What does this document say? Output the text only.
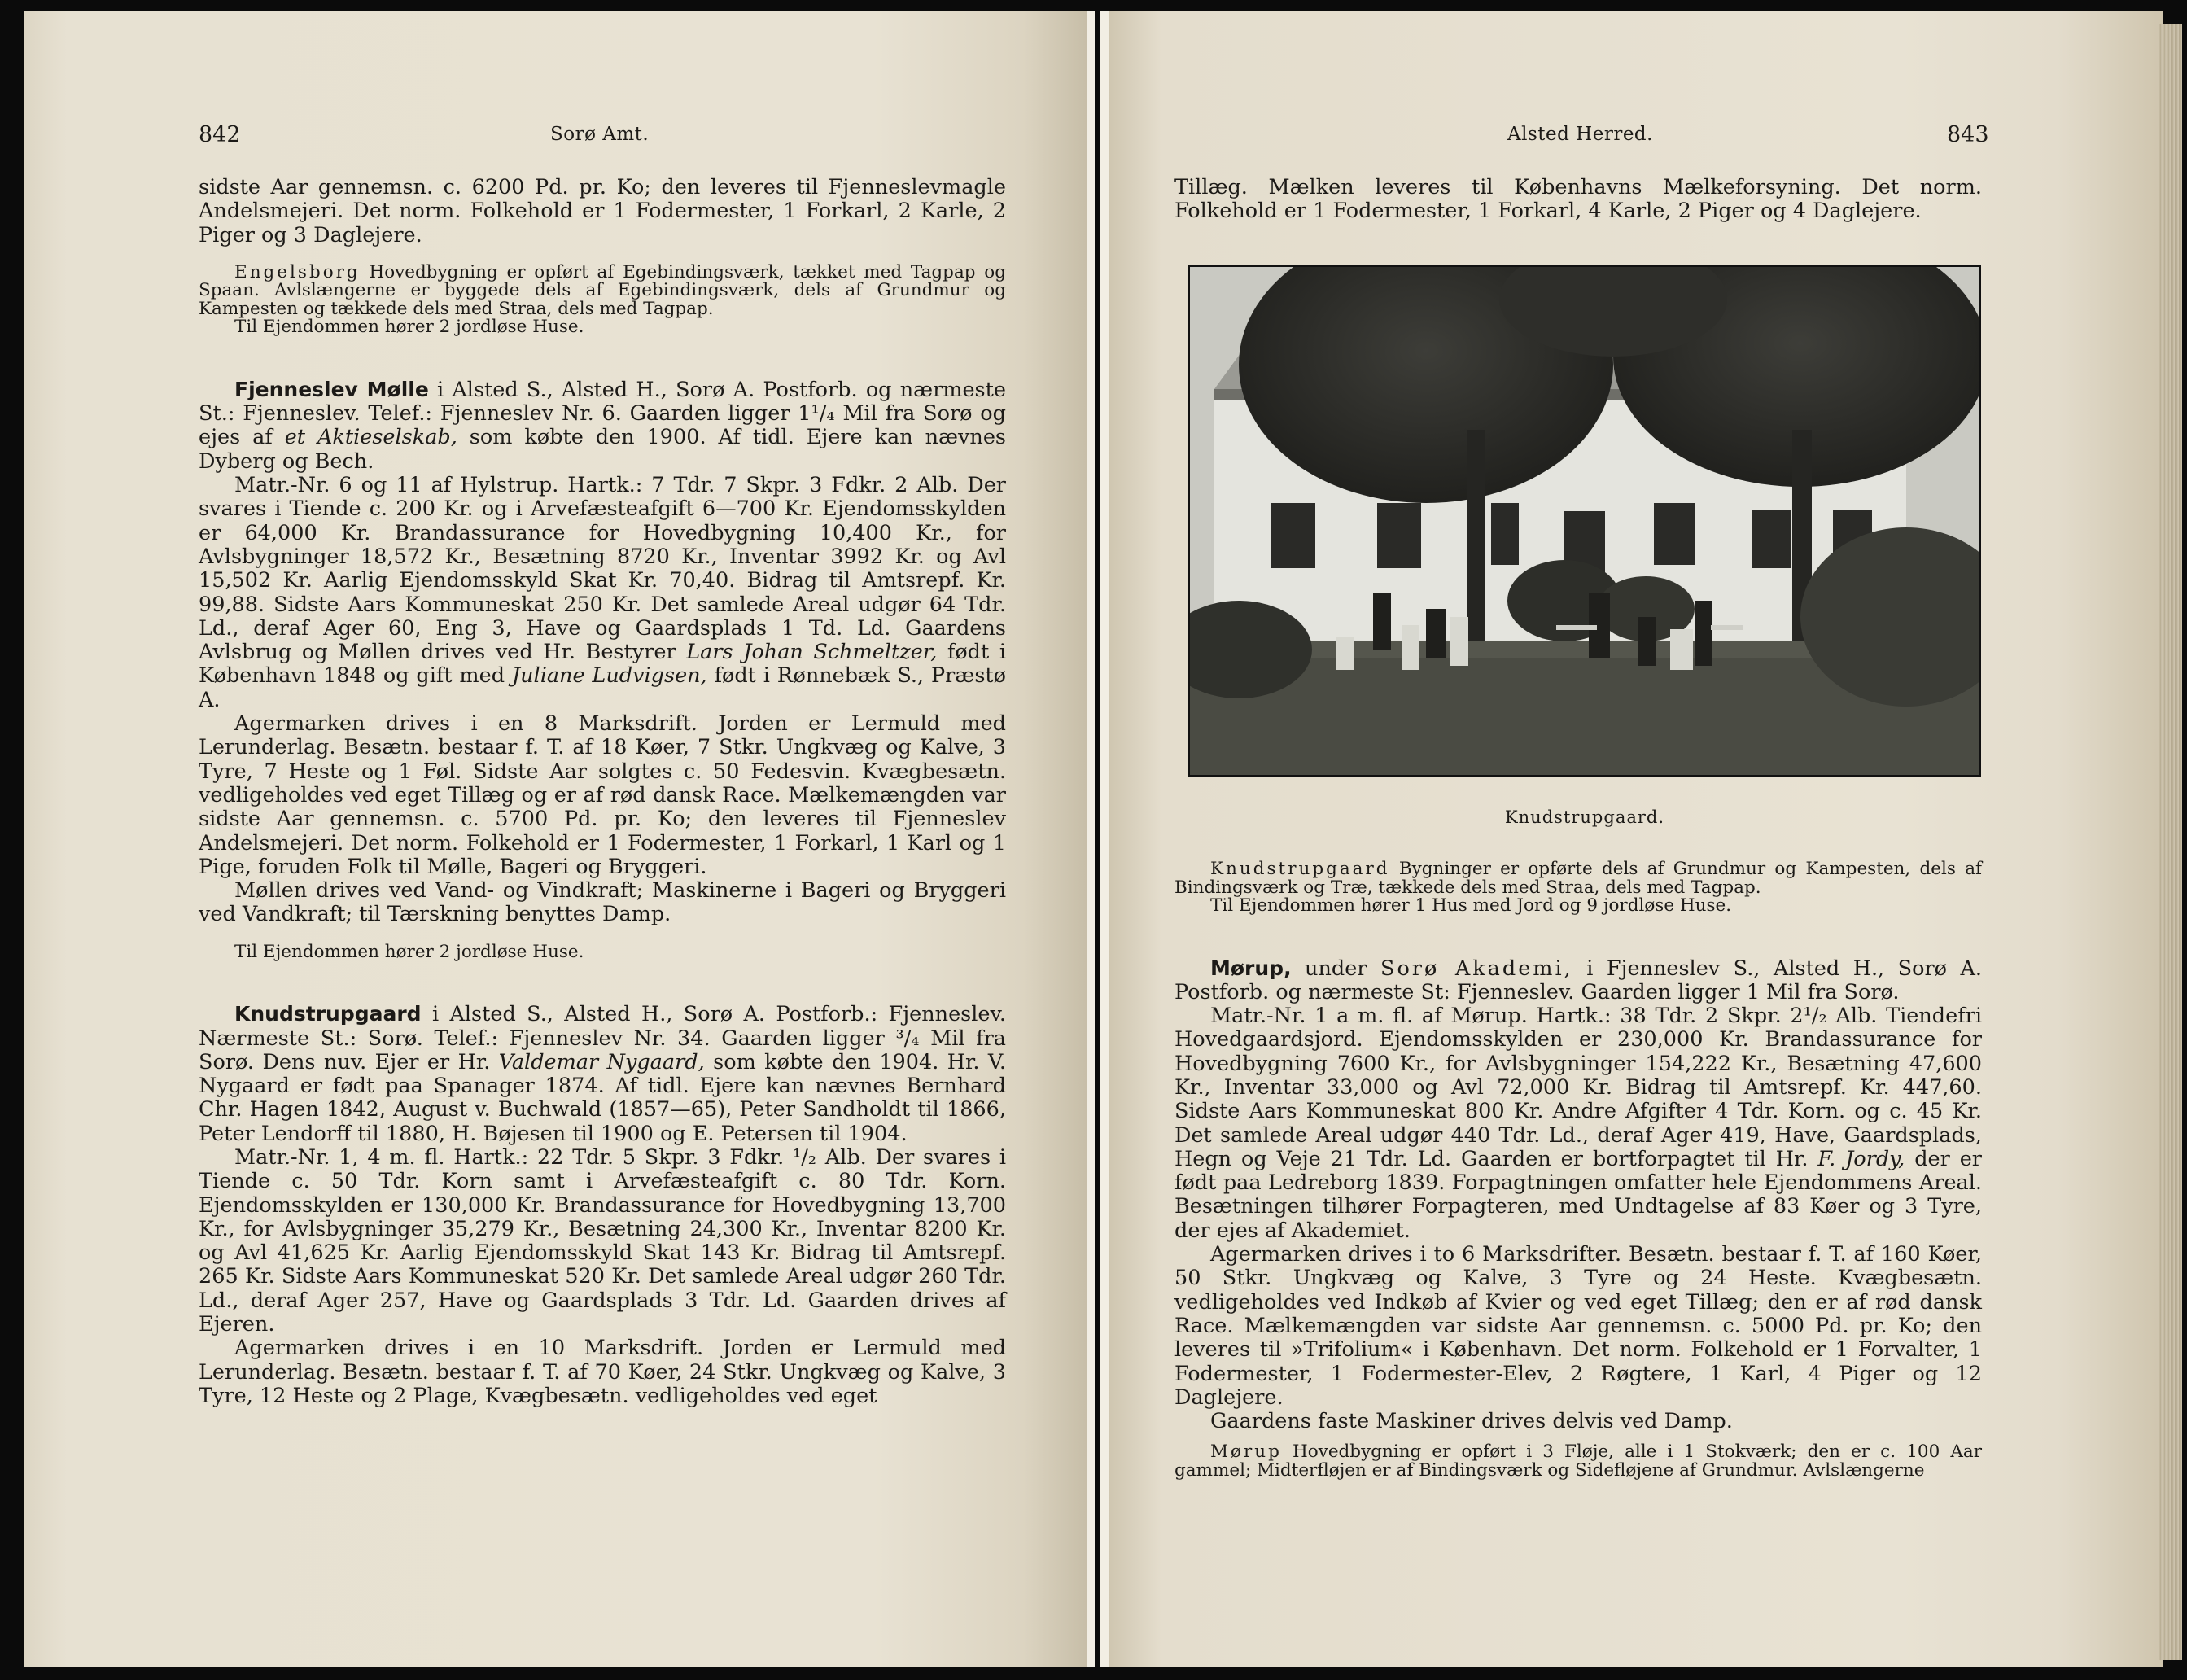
842	Sorø Amt.

sidste Aar gennemsn. c. 6200 Pd. pr. Ko; den leveres til Fjenneslevmagle Andelsmejeri. Det norm. Folkehold er 1 Fodermester, 1 Forkarl, 2 Karle, 2 Piger og 3 Daglejere.

Engelsborg Hovedbygning er opført af Egebindingsværk, tækket med Tagpap og Spaan. Avlslængerne er byggede dels af Egebindingsværk, dels af Grundmur og Kampesten og tækkede dels med Straa, dels med Tagpap.

Til Ejendommen hører 2 jordløse Huse.

Fjenneslev Mølle i Alsted S., Alsted H., Sorø A. Postforb. og nærmeste St.: Fjenneslev. Telef.: Fjenneslev Nr. 6. Gaarden ligger 1¹/₄ Mil fra Sorø og ejes af et Aktieselskab, som købte den 1900. Af tidl. Ejere kan nævnes Dyberg og Bech.

Matr.-Nr. 6 og 11 af Hylstrup. Hartk.: 7 Tdr. 7 Skpr. 3 Fdkr. 2 Alb. Der svares i Tiende c. 200 Kr. og i Arvefæsteafgift 6—700 Kr. Ejendomsskylden er 64,000 Kr. Brandassurance for Hovedbygning 10,400 Kr., for Avlsbygninger 18,572 Kr., Besætning 8720 Kr., Inventar 3992 Kr. og Avl 15,502 Kr. Aarlig Ejendomsskyld Skat Kr. 70,40. Bidrag til Amtsrepf. Kr. 99,88. Sidste Aars Kommuneskat 250 Kr. Det samlede Areal udgør 64 Tdr. Ld., deraf Ager 60, Eng 3, Have og Gaardsplads 1 Td. Ld. Gaardens Avlsbrug og Møllen drives ved Hr. Bestyrer Lars Johan Schmeltzer, født i København 1848 og gift med Juliane Ludvigsen, født i Rønnebæk S., Præstø A.

Agermarken drives i en 8 Marksdrift. Jorden er Lermuld med Lerunderlag. Besætn. bestaar f. T. af 18 Køer, 7 Stkr. Ungkvæg og Kalve, 3 Tyre, 7 Heste og 1 Føl. Sidste Aar solgtes c. 50 Fedesvin. Kvægbesætn. vedligeholdes ved eget Tillæg og er af rød dansk Race. Mælkemængden var sidste Aar gennemsn. c. 5700 Pd. pr. Ko; den leveres til Fjenneslev Andelsmejeri. Det norm. Folkehold er 1 Fodermester, 1 Forkarl, 1 Karl og 1 Pige, foruden Folk til Mølle, Bageri og Bryggeri.

Møllen drives ved Vand- og Vindkraft; Maskinerne i Bageri og Bryggeri ved Vandkraft; til Tærskning benyttes Damp.

Til Ejendommen hører 2 jordløse Huse.

Knudstrupgaard i Alsted S., Alsted H., Sorø A. Postforb.: Fjenneslev. Nærmeste St.: Sorø. Telef.: Fjenneslev Nr. 34. Gaarden ligger ³/₄ Mil fra Sorø. Dens nuv. Ejer er Hr. Valdemar Nygaard, som købte den 1904. Hr. V. Nygaard er født paa Spanager 1874. Af tidl. Ejere kan nævnes Bernhard Chr. Hagen 1842, August v. Buchwald (1857—65), Peter Sandholdt til 1866, Peter Lendorff til 1880, H. Bøjesen til 1900 og E. Petersen til 1904.

Matr.-Nr. 1, 4 m. fl. Hartk.: 22 Tdr. 5 Skpr. 3 Fdkr. ¹/₂ Alb. Der svares i Tiende c. 50 Tdr. Korn samt i Arvefæsteafgift c. 80 Tdr. Korn. Ejendomsskylden er 130,000 Kr. Brandassurance for Hovedbygning 13,700 Kr., for Avlsbygninger 35,279 Kr., Besætning 24,300 Kr., Inventar 8200 Kr. og Avl 41,625 Kr. Aarlig Ejendomsskyld Skat 143 Kr. Bidrag til Amtsrepf. 265 Kr. Sidste Aars Kommuneskat 520 Kr. Det samlede Areal udgør 260 Tdr. Ld., deraf Ager 257, Have og Gaardsplads 3 Tdr. Ld. Gaarden drives af Ejeren.

Agermarken drives i en 10 Marksdrift. Jorden er Lermuld med Lerunderlag. Besætn. bestaar f. T. af 70 Køer, 24 Stkr. Ungkvæg og Kalve, 3 Tyre, 12 Heste og 2 Plage, Kvægbesætn. vedligeholdes ved eget

Alsted Herred.	843

Tillæg. Mælken leveres til Københavns Mælkeforsyning. Det norm. Folkehold er 1 Fodermester, 1 Forkarl, 4 Karle, 2 Piger og 4 Daglejere.

Knudstrupgaard.

Knudstrupgaard Bygninger er opførte dels af Grundmur og Kampesten, dels af Bindingsværk og Træ, tækkede dels med Straa, dels med Tagpap.

Til Ejendommen hører 1 Hus med Jord og 9 jordløse Huse.

Mørup, under Sorø Akademi, i Fjenneslev S., Alsted H., Sorø A. Postforb. og nærmeste St: Fjenneslev. Gaarden ligger 1 Mil fra Sorø.

Matr.-Nr. 1 a m. fl. af Mørup. Hartk.: 38 Tdr. 2 Skpr. 2¹/₂ Alb. Tiendefri Hovedgaardsjord. Ejendomsskylden er 230,000 Kr. Brandassurance for Hovedbygning 7600 Kr., for Avlsbygninger 154,222 Kr., Besætning 47,600 Kr., Inventar 33,000 og Avl 72,000 Kr. Bidrag til Amtsrepf. Kr. 447,60. Sidste Aars Kommuneskat 800 Kr. Andre Afgifter 4 Tdr. Korn. og c. 45 Kr. Det samlede Areal udgør 440 Tdr. Ld., deraf Ager 419, Have, Gaardsplads, Hegn og Veje 21 Tdr. Ld. Gaarden er bortforpagtet til Hr. F. Jordy, der er født paa Ledreborg 1839. Forpagtningen omfatter hele Ejendommens Areal. Besætningen tilhører Forpagteren, med Undtagelse af 83 Køer og 3 Tyre, der ejes af Akademiet.

Agermarken drives i to 6 Marksdrifter. Besætn. bestaar f. T. af 160 Køer, 50 Stkr. Ungkvæg og Kalve, 3 Tyre og 24 Heste. Kvægbesætn. vedligeholdes ved Indkøb af Kvier og ved eget Tillæg; den er af rød dansk Race. Mælkemængden var sidste Aar gennemsn. c. 5000 Pd. pr. Ko; den leveres til »Trifolium« i København. Det norm. Folkehold er 1 Forvalter, 1 Fodermester, 1 Fodermester-Elev, 2 Røgtere, 1 Karl, 4 Piger og 12 Daglejere.

Gaardens faste Maskiner drives delvis ved Damp.

Mørup Hovedbygning er opført i 3 Fløje, alle i 1 Stokværk; den er c. 100 Aar gammel; Midterfløjen er af Bindingsværk og Sidefløjene af Grundmur. Avlslængerne
